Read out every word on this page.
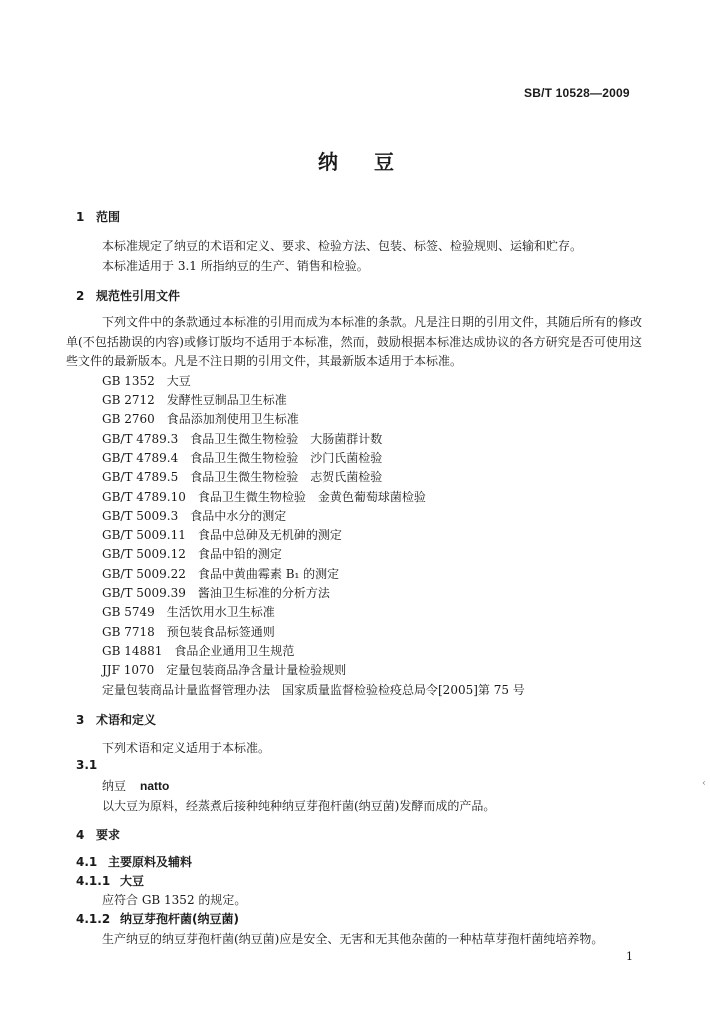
SB/T 10528—2009
纳豆
1 范围
本标准规定了纳豆的术语和定义、要求、检验方法、包装、标签、检验规则、运输和贮存。
本标准适用于 3.1 所指纳豆的生产、销售和检验。
2 规范性引用文件
下列文件中的条款通过本标准的引用而成为本标准的条款。凡是注日期的引用文件，其随后所有的修改单(不包括勘误的内容)或修订版均不适用于本标准，然而，鼓励根据本标准达成协议的各方研究是否可使用这些文件的最新版本。凡是不注日期的引用文件，其最新版本适用于本标准。
GB 1352　大豆
GB 2712　发酵性豆制品卫生标准
GB 2760　食品添加剂使用卫生标准
GB/T 4789.3　食品卫生微生物检验　大肠菌群计数
GB/T 4789.4　食品卫生微生物检验　沙门氏菌检验
GB/T 4789.5　食品卫生微生物检验　志贺氏菌检验
GB/T 4789.10　食品卫生微生物检验　金黄色葡萄球菌检验
GB/T 5009.3　食品中水分的测定
GB/T 5009.11　食品中总砷及无机砷的测定
GB/T 5009.12　食品中铅的测定
GB/T 5009.22　食品中黄曲霉素 B₁ 的测定
GB/T 5009.39　酱油卫生标准的分析方法
GB 5749　生活饮用水卫生标准
GB 7718　预包装食品标签通则
GB 14881　食品企业通用卫生规范
JJF 1070　定量包装商品净含量计量检验规则
定量包装商品计量监督管理办法　国家质量监督检验检疫总局令[2005]第 75 号
3 术语和定义
下列术语和定义适用于本标准。
3.1
纳豆 natto
以大豆为原料，经蒸煮后接种纯种纳豆芽孢杆菌(纳豆菌)发酵而成的产品。
4 要求
4.1 主要原料及辅料
4.1.1 大豆
应符合 GB 1352 的规定。
4.1.2 纳豆芽孢杆菌(纳豆菌)
生产纳豆的纳豆芽孢杆菌(纳豆菌)应是安全、无害和无其他杂菌的一种枯草芽孢杆菌纯培养物。
1
‹
